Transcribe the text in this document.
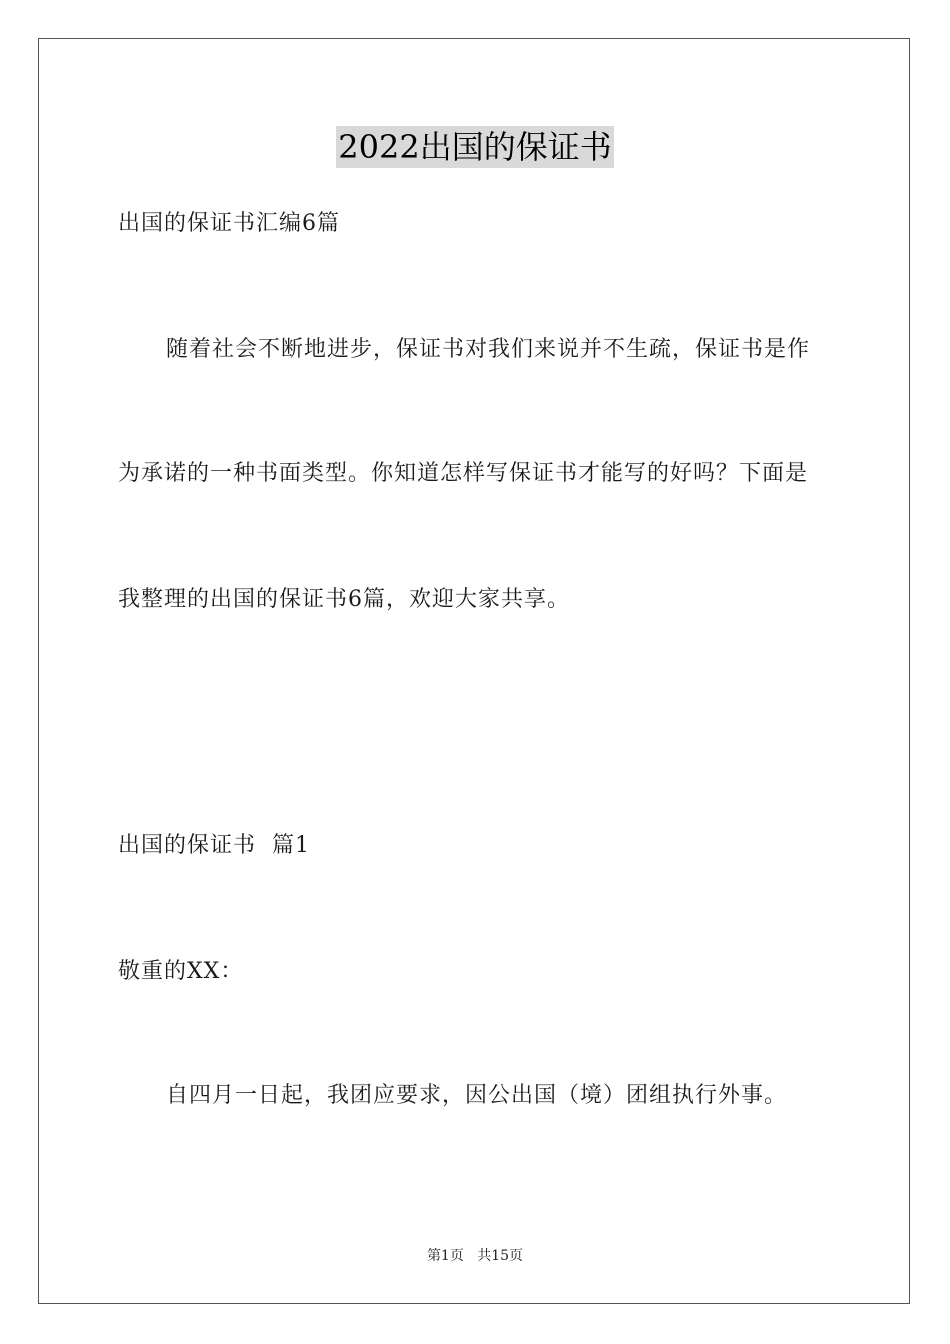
2022出国的保证书
出国的保证书汇编6篇
随着社会不断地进步，保证书对我们来说并不生疏，保证书是作
为承诺的一种书面类型。你知道怎样写保证书才能写的好吗？下面是
我整理的出国的保证书6篇，欢迎大家共享。
出国的保证书  篇1
敬重的XX：
自四月一日起，我团应要求，因公出国（境）团组执行外事。
第1页 共15页
